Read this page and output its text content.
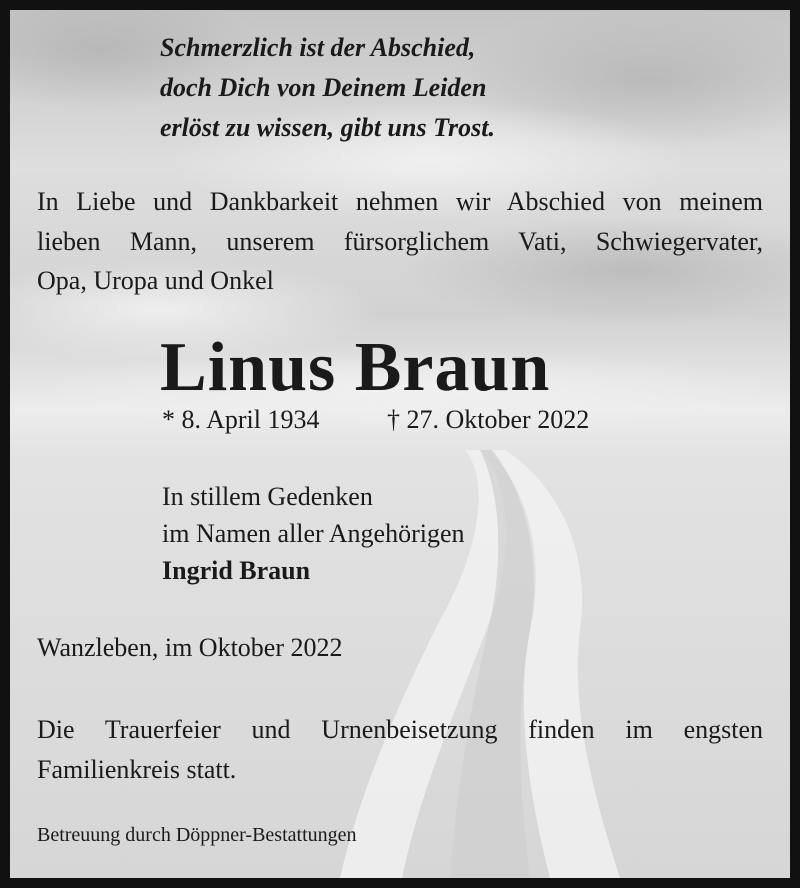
Schmerzlich ist der Abschied,
doch Dich von Deinem Leiden
erlöst zu wissen, gibt uns Trost.
In Liebe und Dankbarkeit nehmen wir Abschied von meinem
lieben Mann, unserem fürsorglichem Vati, Schwiegervater,
Opa, Uropa und Onkel
Linus Braun
* 8. April 1934	† 27. Oktober 2022
In stillem Gedenken
im Namen aller Angehörigen
Ingrid Braun
Wanzleben, im Oktober 2022
Die Trauerfeier und Urnenbeisetzung finden im engsten
Familienkreis statt.
Betreuung durch Döppner-Bestattungen
